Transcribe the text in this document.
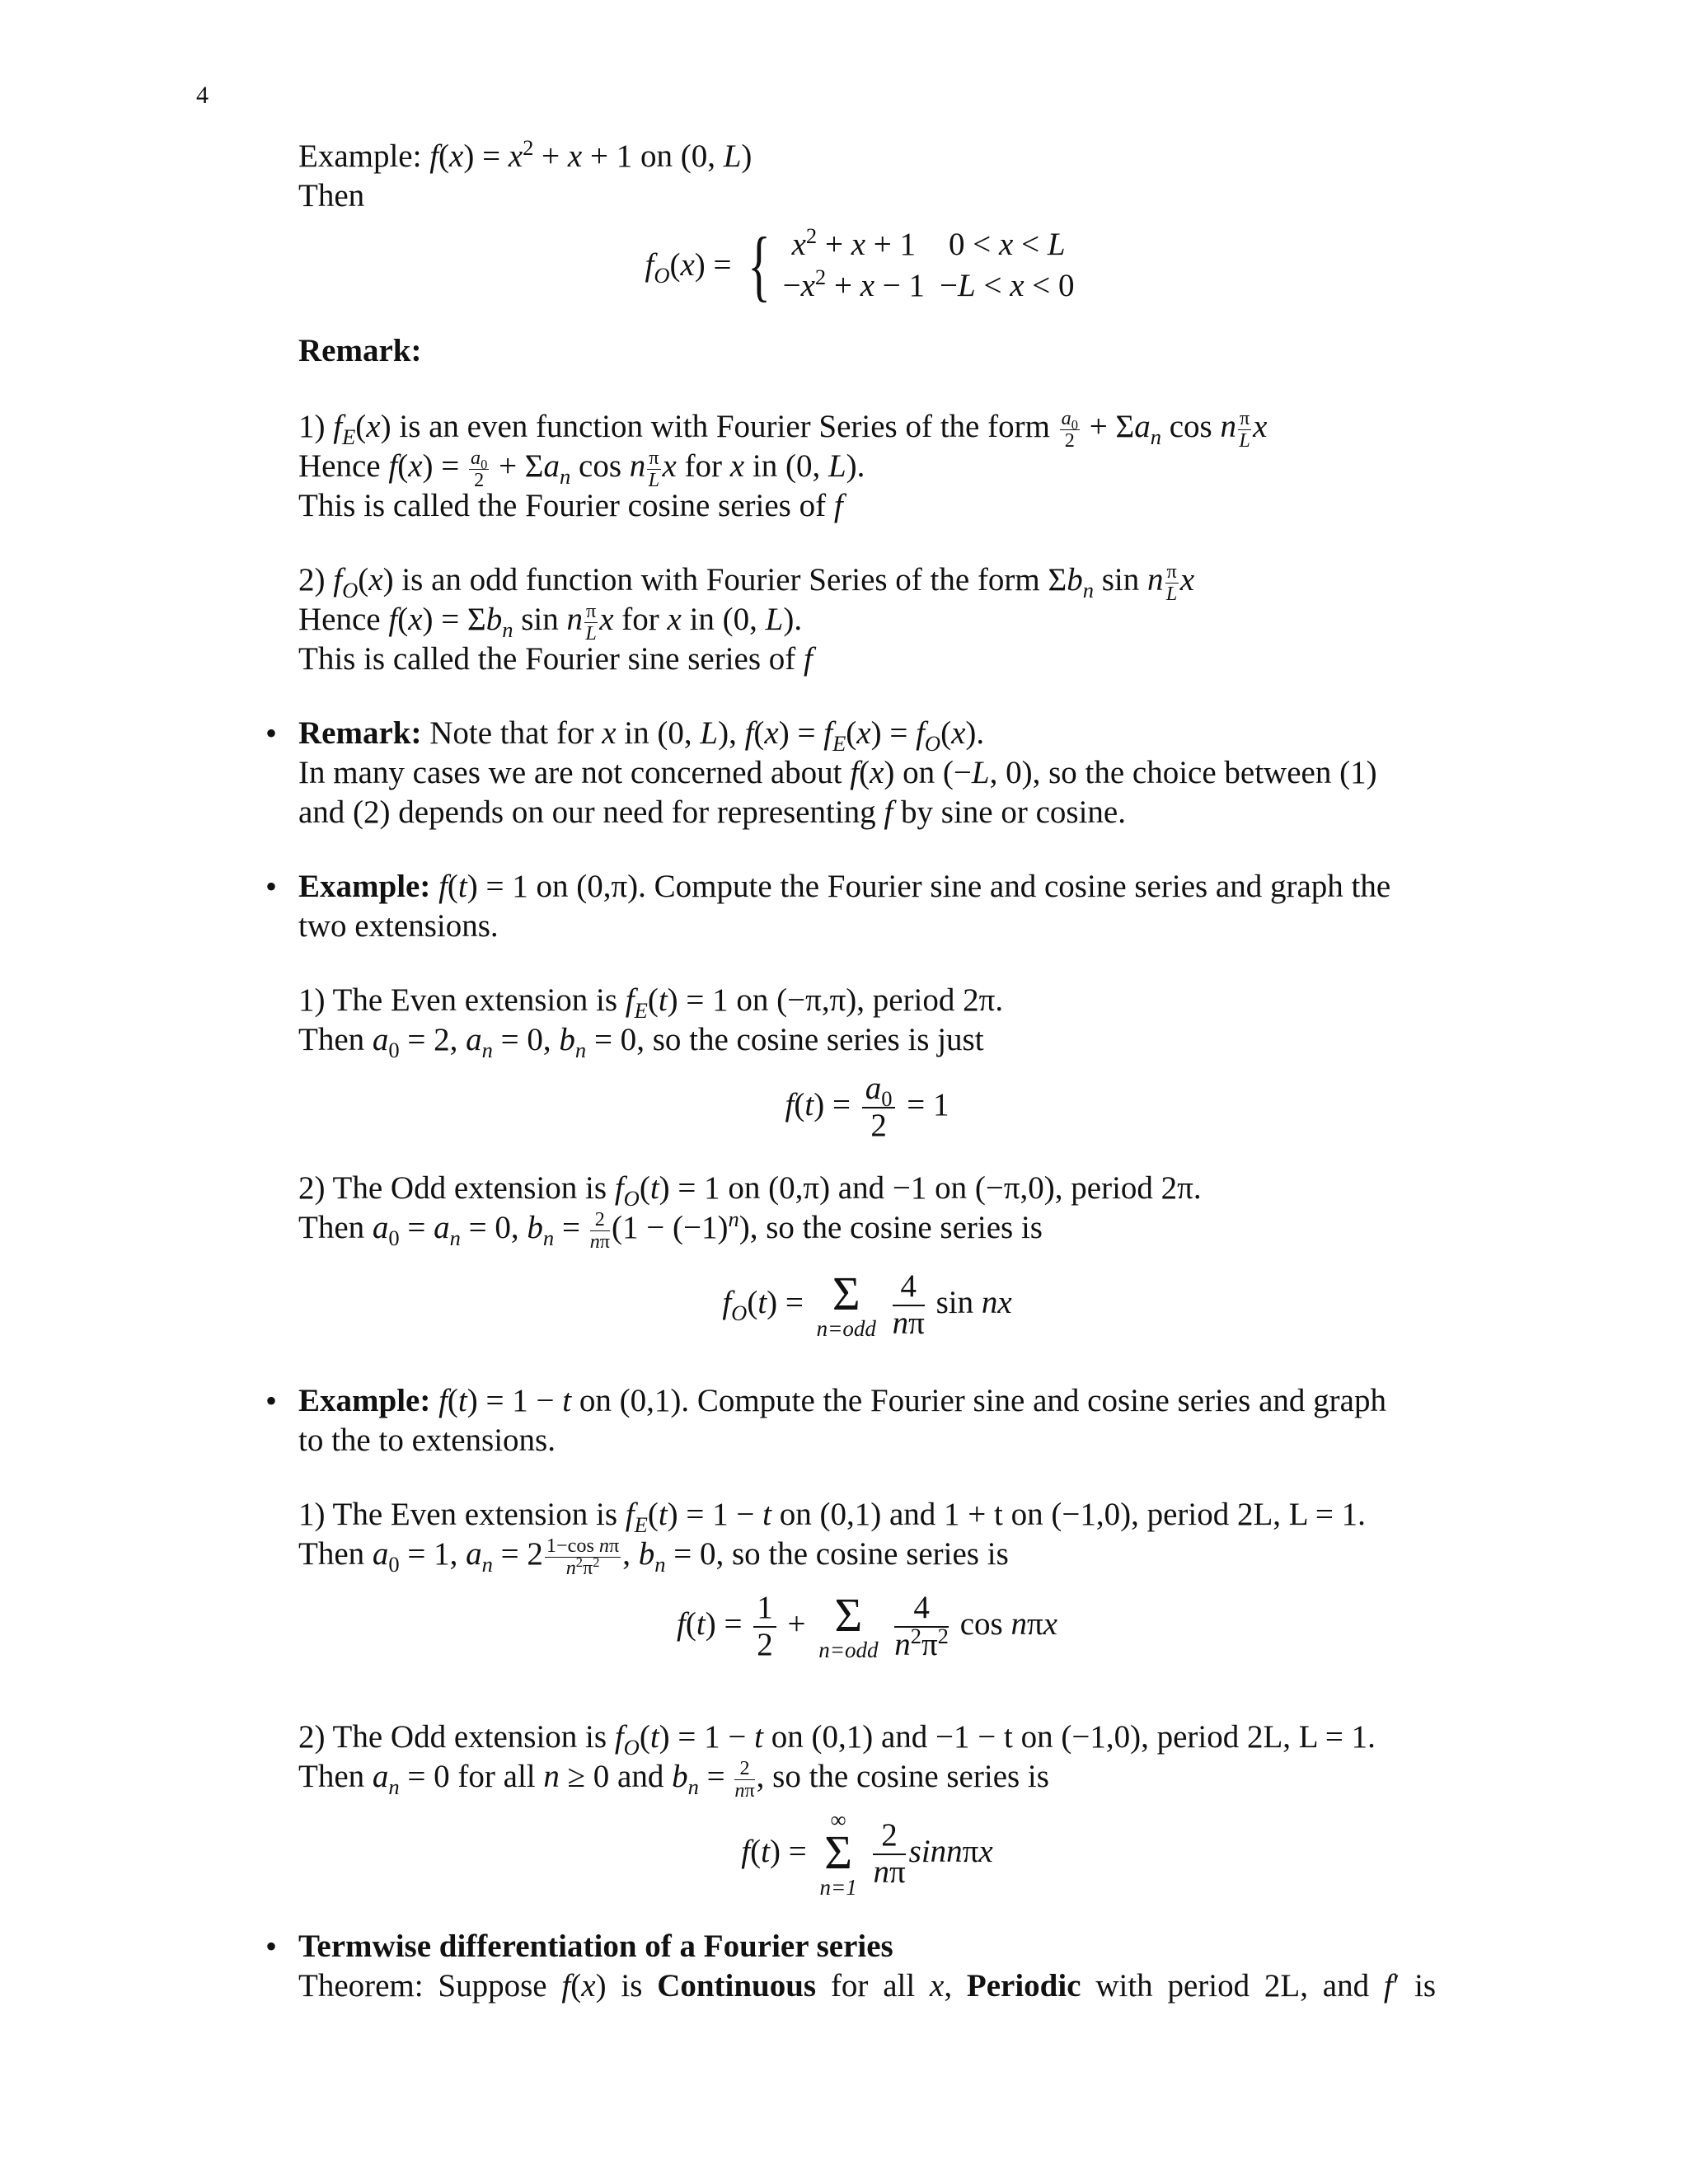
4
Example: $f(x) = x^2 + x + 1$ on (0, L)
Then
$f_O(x)$ = { $x^2 + x + 1$	0 < x < L
$-x^2 + x - 1$	−L < x < 0
Remark:
1) $f_E(x)$ is an even function with Fourier Series of the form $\frac{a_0}{2} + \Sigma a_n$ cos n $\frac{\pi}{L}$ x
Hence $f(x) = \frac{a_0}{2} + \Sigma a_n$ cos n $\frac{\pi}{L}$ x for x in (0, L).
This is called the Fourier cosine series of f
2) $f_O(x)$ is an odd function with Fourier Series of the form $\Sigma b_n$ sin n $\frac{\pi}{L}$ x
Hence $f(x) = \Sigma b_n$ sin n $\frac{\pi}{L}$ x for x in (0, L).
This is called the Fourier sine series of f
• Remark: Note that for x in (0, L), $f(x) = f_E(x) = f_O(x)$.
In many cases we are not concerned about f(x) on (−L, 0), so the choice between (1)
and (2) depends on our need for representing f by sine or cosine.
• Example: f(t) = 1 on (0,π). Compute the Fourier sine and cosine series and graph the
two extensions.
1) The Even extension is $f_E(t) = 1$ on (−π,π), period 2π.
Then $a_0 = 2$, $a_n = 0$, $b_n = 0$, so the cosine series is just
$f(t) = \frac{a_0}{2} = 1$
2) The Odd extension is $f_O(t) = 1$ on (0,π) and −1 on (−π,0), period 2π.
Then $a_0 = a_n = 0$, $b_n = \frac{2}{n\pi} (1 - (-1)^n)$, so the cosine series is
$f_O(t) = \Sigma$
n=odd
$\frac{4}{n\pi}$ sin nx
• Example: f(t) = 1 − t on (0,1). Compute the Fourier sine and cosine series and graph
to the to extensions.
1) The Even extension is $f_E(t) = 1 - t$ on (0,1) and 1 + t on (−1,0), period 2L, L = 1.
Then $a_0 = 1$, $a_n = 2 \frac{\text{1−cos nπ}}{n^2\pi^2}$ , $b_n = 0$, so the cosine series is
$f(t) = \frac{1}{2} + \Sigma$
n=odd
$\frac{4}{n^2\pi^2}$ cos nπx
2) The Odd extension is $f_O(t) = 1 - t$ on (0,1) and −1 − t on (−1,0), period 2L, L = 1.
Then $a_n = 0$ for all n ≥ 0 and $b_n = \frac{2}{n\pi}$ , so the cosine series is
f(t) =
∞
Σ
n=1
$\frac{2}{n\pi}$ sinnπx
• Termwise differentiation of a Fourier series
Theorem: Suppose f(x) is Continuous for all x, Periodic with period 2L, and f′ is
